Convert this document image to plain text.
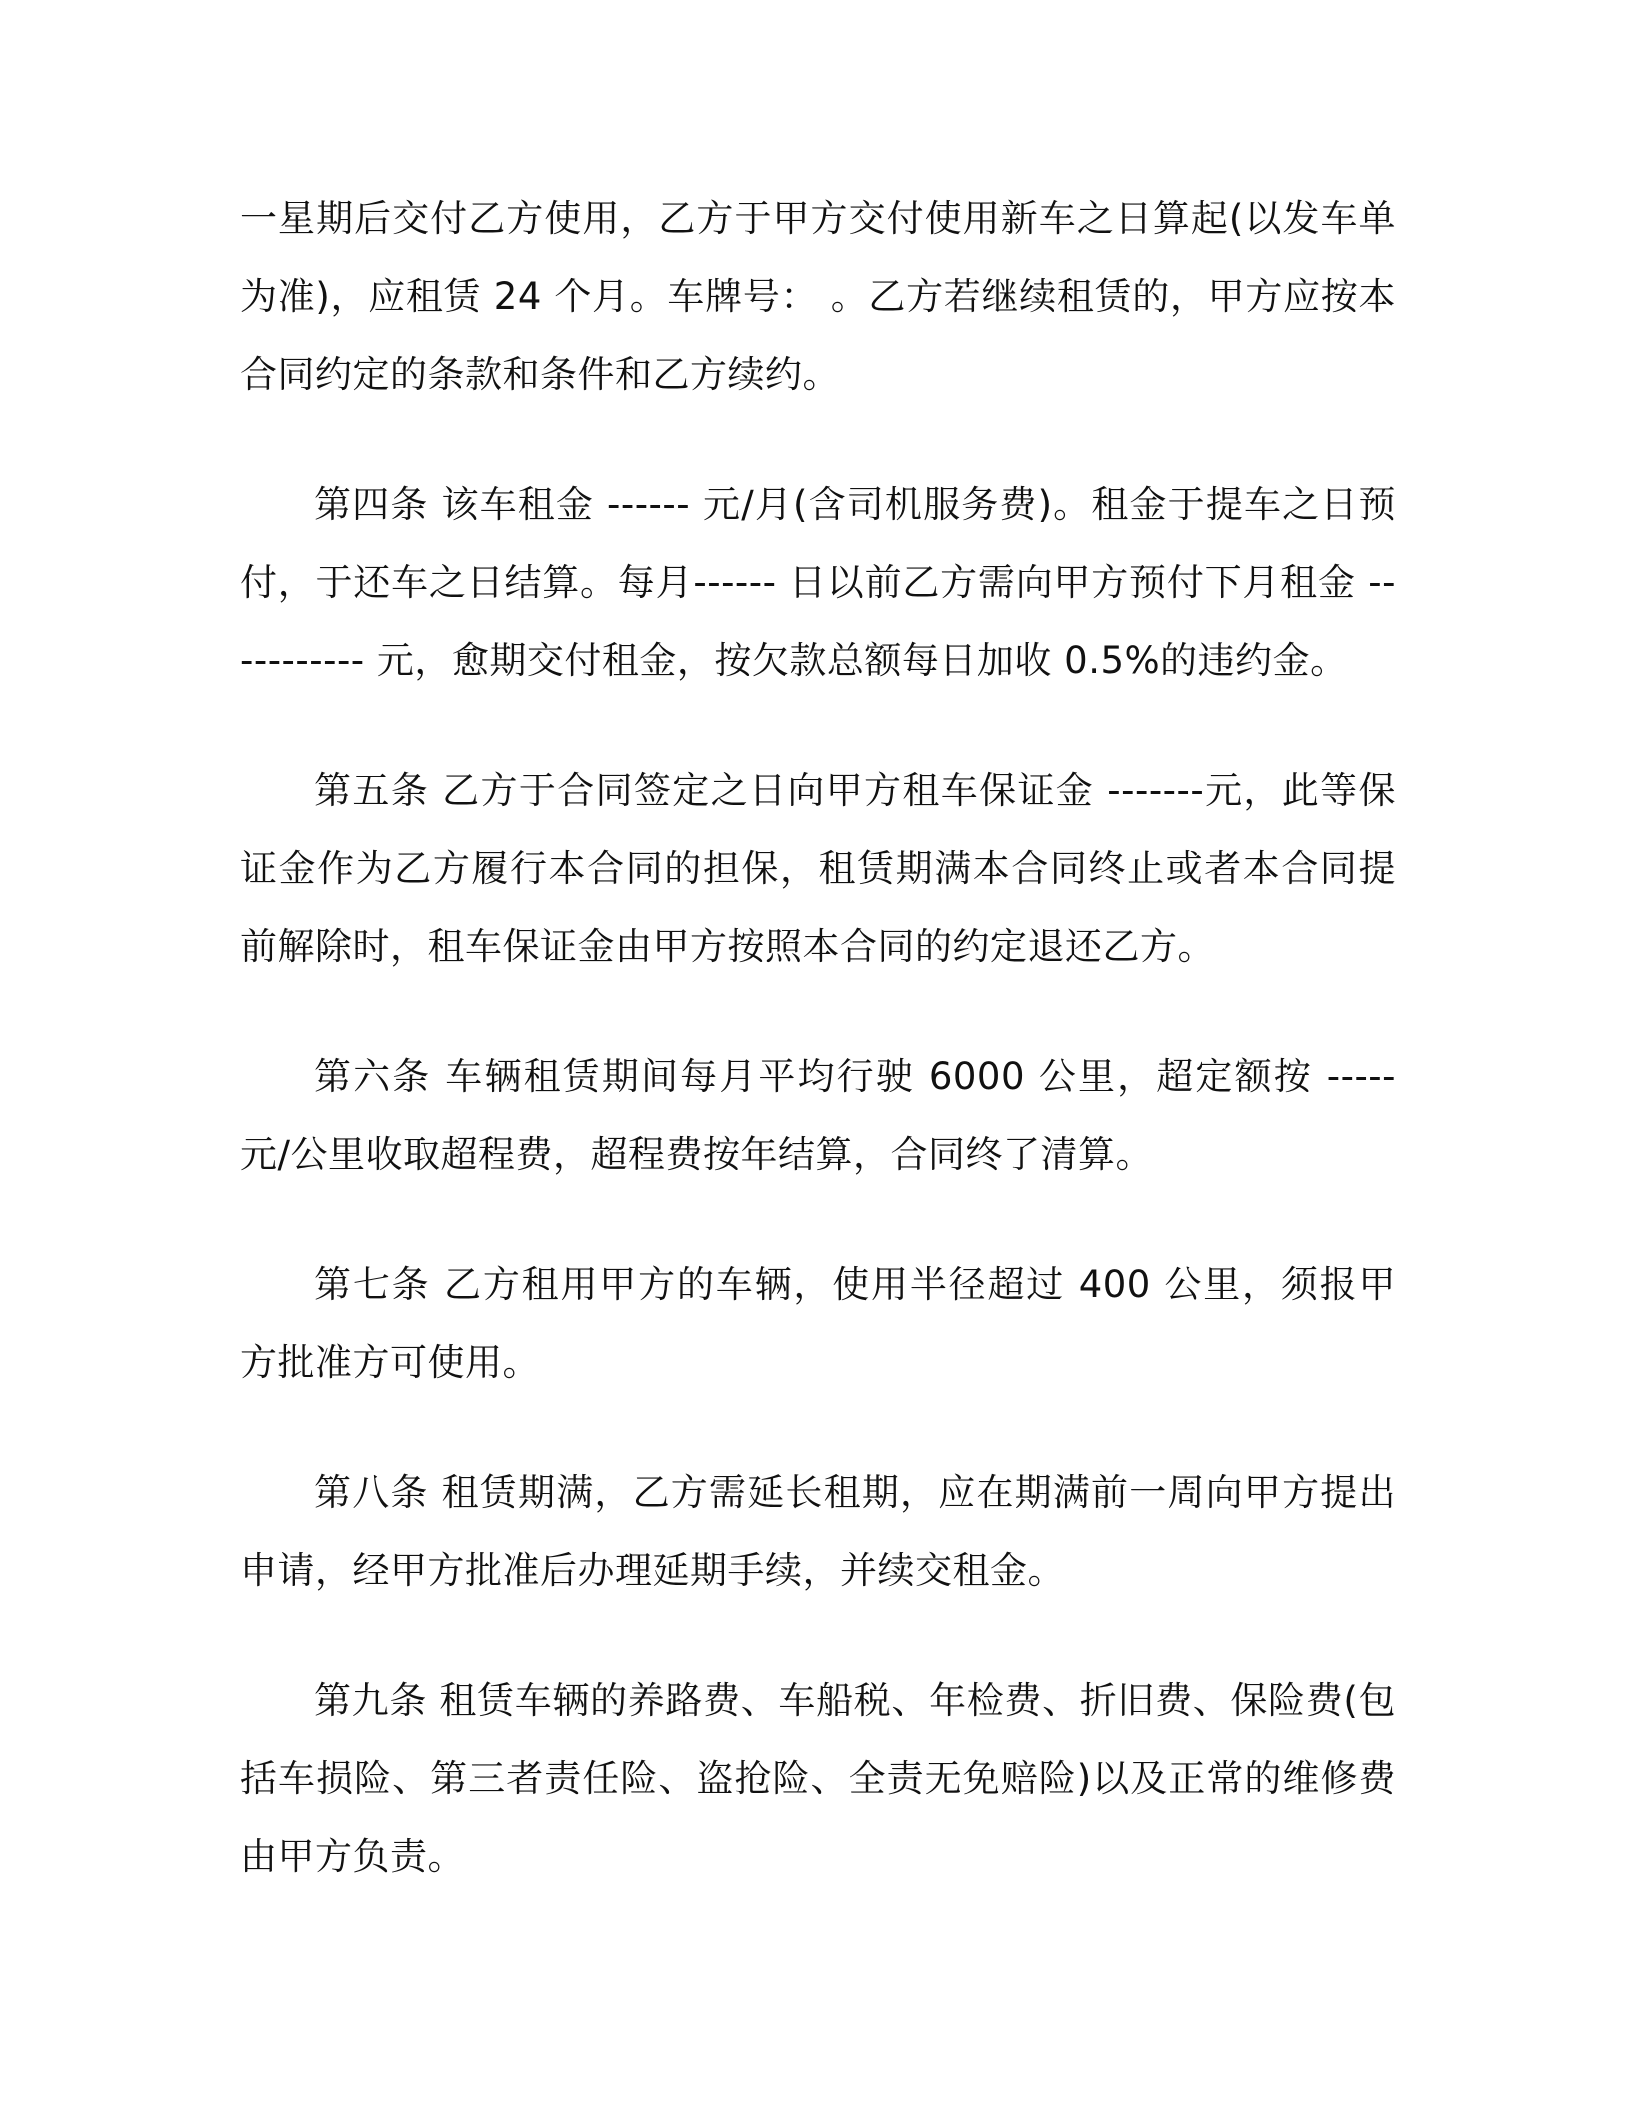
一星期后交付乙方使用，乙方于甲方交付使用新车之日算起(以发车单为准)，应租赁 24 个月。车牌号： 。乙方若继续租赁的，甲方应按本合同约定的条款和条件和乙方续约。

第四条 该车租金 ------ 元/月(含司机服务费)。租金于提车之日预付，于还车之日结算。每月------ 日以前乙方需向甲方预付下月租金 ----------- 元，愈期交付租金，按欠款总额每日加收 0.5%的违约金。

第五条 乙方于合同签定之日向甲方租车保证金 -------元，此等保证金作为乙方履行本合同的担保，租赁期满本合同终止或者本合同提前解除时，租车保证金由甲方按照本合同的约定退还乙方。

第六条 车辆租赁期间每月平均行驶 6000 公里，超定额按 ----- 元/公里收取超程费，超程费按年结算，合同终了清算。

第七条 乙方租用甲方的车辆，使用半径超过 400 公里，须报甲方批准方可使用。

第八条 租赁期满，乙方需延长租期，应在期满前一周向甲方提出申请，经甲方批准后办理延期手续，并续交租金。

第九条 租赁车辆的养路费、车船税、年检费、折旧费、保险费(包括车损险、第三者责任险、盗抢险、全责无免赔险)以及正常的维修费由甲方负责。
